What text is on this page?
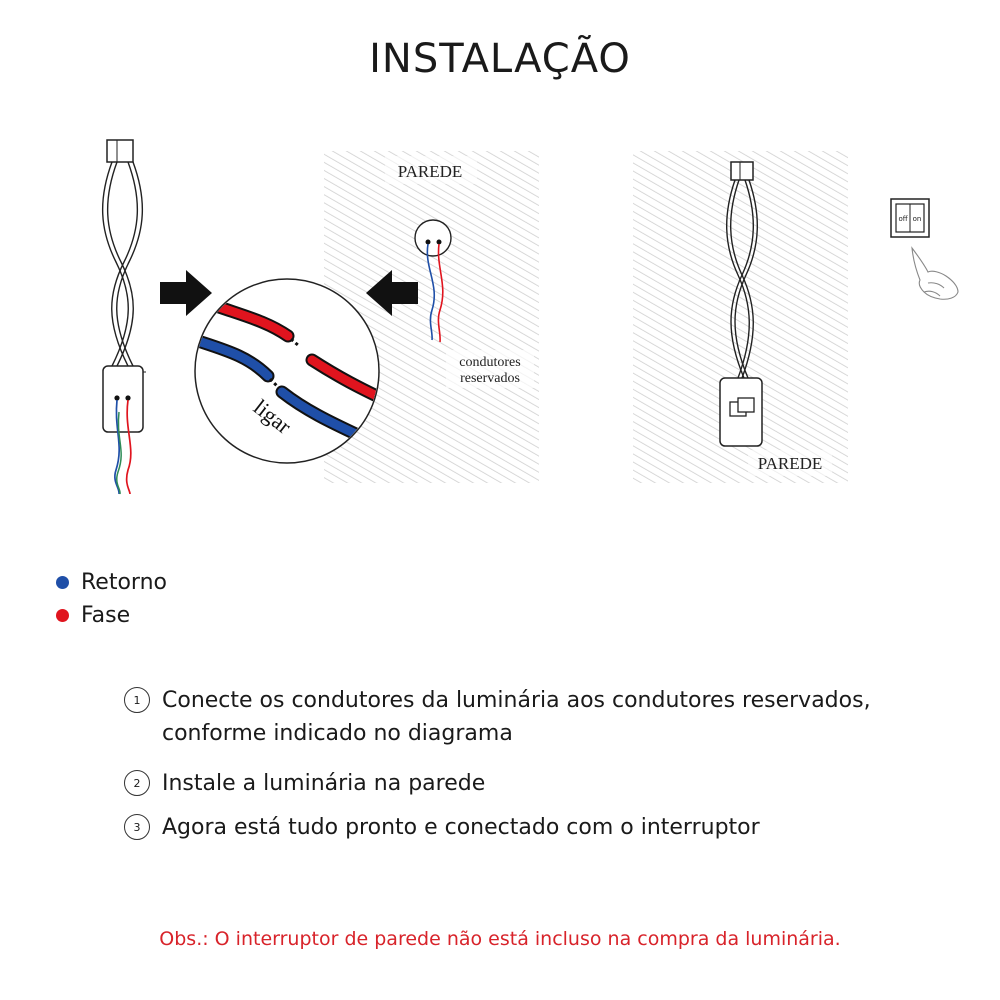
INSTALAÇÃO
PAREDE
ligar
condutores
reservados
PAREDE
off on
Retorno
Fase
1 Conecte os condutores da luminária aos condutores reservados,
conforme indicado no diagrama
2 Instale a luminária na parede
3 Agora está tudo pronto e conectado com o interruptor
Obs.: O interruptor de parede não está incluso na compra da luminária.
